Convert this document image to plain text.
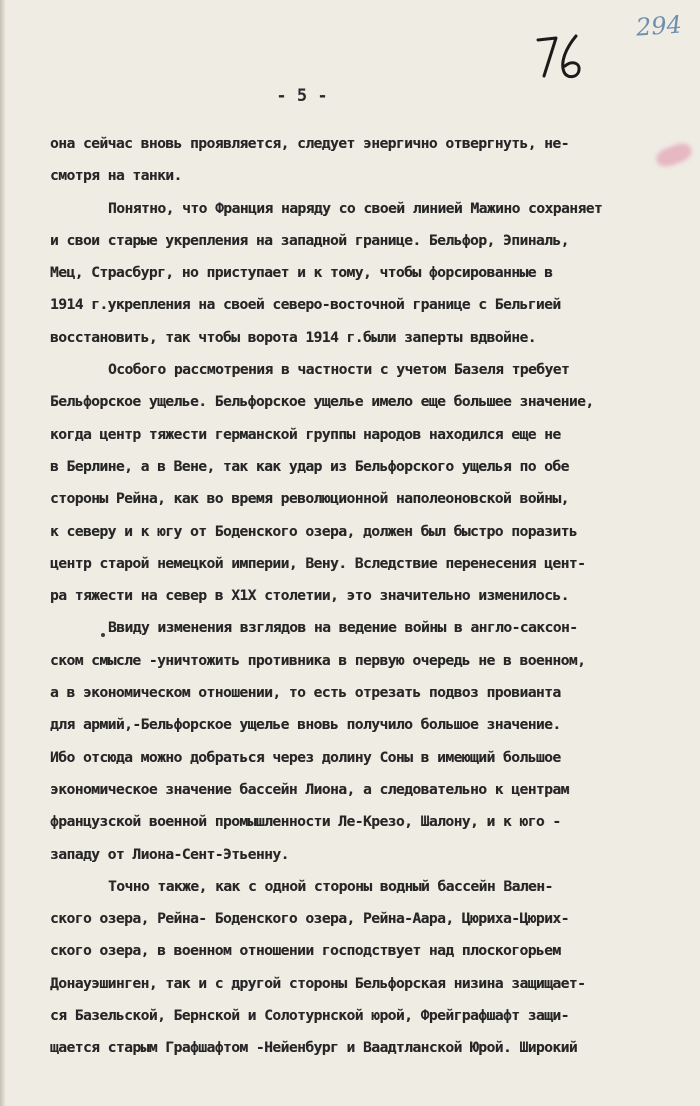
294
- 5 -
она сейчас вновь проявляется, следует энергично отвергнуть, не-
смотря на танки.
Понятно, что Франция наряду со своей линией Мажино сохраняет
и свои старые укрепления на западной границе. Бельфор, Эпиналь,
Мец, Страсбург, но приступает и к тому, чтобы форсированные в
1914 г.укрепления на своей северо-восточной границе с Бельгией
восстановить, так чтобы ворота 1914 г.были заперты вдвойне.
Особого рассмотрения в частности с учетом Базеля требует
Бельфорское ущелье. Бельфорское ущелье имело еще большее значение,
когда центр тяжести германской группы народов находился еще не
в Берлине, а в Вене, так как удар из Бельфорского ущелья по обе
стороны Рейна, как во время революционной наполеоновской войны,
к северу и к югу от Боденского озера, должен был быстро поразить
центр старой немецкой империи, Вену. Вследствие перенесения цент-
ра тяжести на север в Х1Х столетии, это значительно изменилось.
Ввиду изменения взглядов на ведение войны в англо-саксон-
ском смысле -уничтожить противника в первую очередь не в военном,
а в экономическом отношении, то есть отрезать подвоз провианта
для армий,-Бельфорское ущелье вновь получило большое значение.
Ибо отсюда можно добраться через долину Соны в имеющий большое
экономическое значение бассейн Лиона, а следовательно к центрам
французской военной промышленности Ле-Крезо, Шалону, и к юго -
западу от Лиона-Сент-Этьенну.
Точно также, как с одной стороны водный бассейн Вален-
ского озера, Рейна- Боденского озера, Рейна-Аара, Цюриха-Цюрих-
ского озера, в военном отношении господствует над плоскогорьем
Донауэшинген, так и с другой стороны Бельфорская низина защищает-
ся Базельской, Бернской и Солотурнской юрой, Фрейграфшафт защи-
щается старым Графшафтом -Нейенбург и Ваадтланской Юрой. Широкий
